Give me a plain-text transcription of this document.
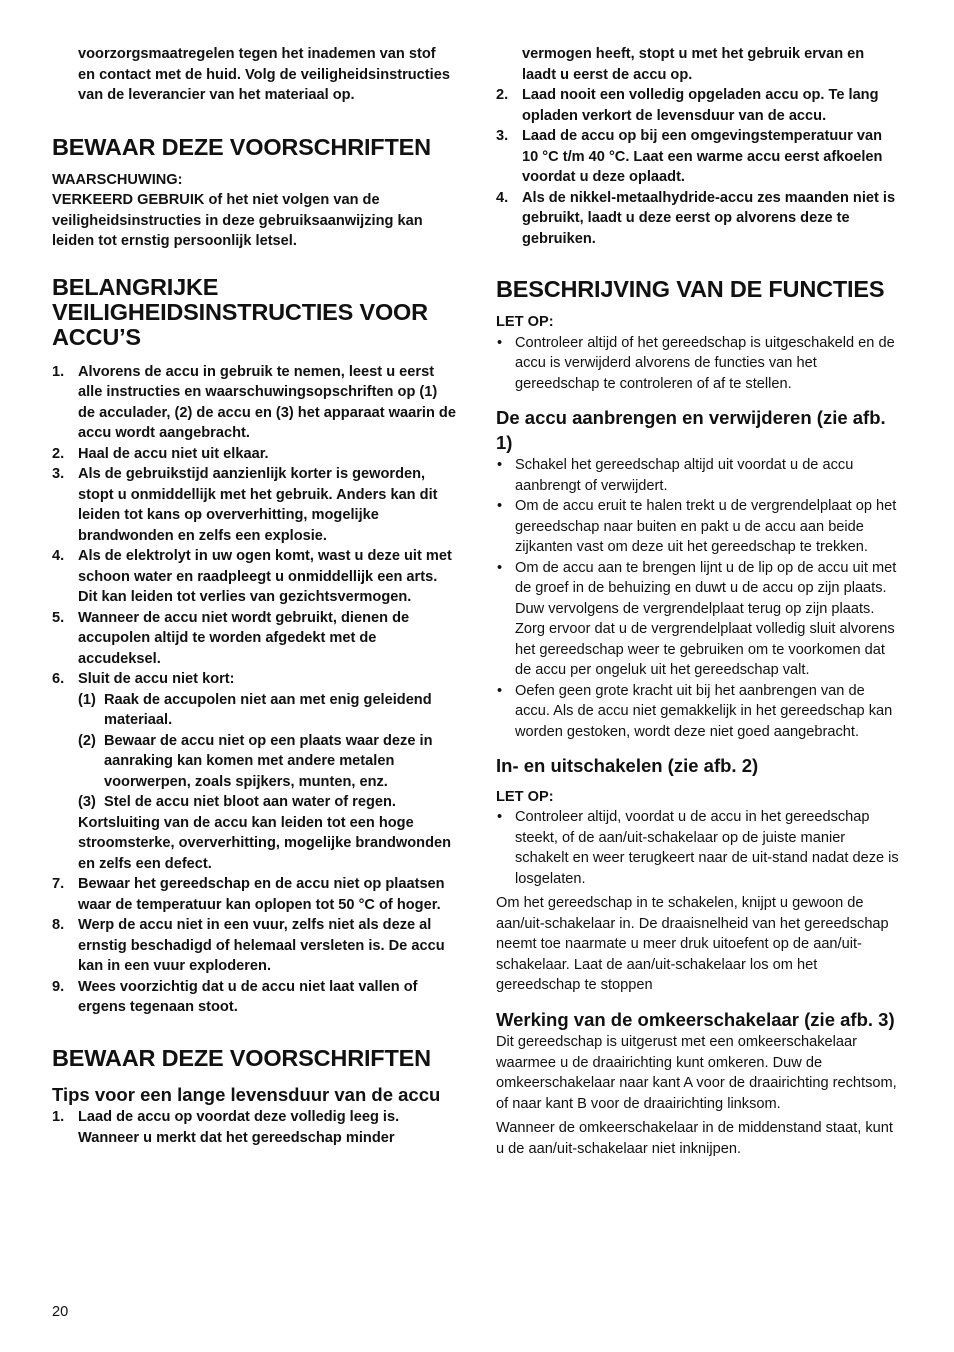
voorzorgsmaatregelen tegen het inademen van stof en contact met de huid. Volg de veiligheidsinstructies van de leverancier van het materiaal op.

BEWAAR DEZE VOORSCHRIFTEN

WAARSCHUWING:

VERKEERD GEBRUIK of het niet volgen van de veiligheidsinstructies in deze gebruiksaanwijzing kan leiden tot ernstig persoonlijk letsel.

BELANGRIJKE VEILIGHEIDSINSTRUCTIES VOOR ACCU’S
1. Alvorens de accu in gebruik te nemen, leest u eerst alle instructies en waarschuwingsopschriften op (1) de acculader, (2) de accu en (3) het apparaat waarin de accu wordt aangebracht.
2. Haal de accu niet uit elkaar.
3. Als de gebruikstijd aanzienlijk korter is geworden, stopt u onmiddellijk met het gebruik. Anders kan dit leiden tot kans op oververhitting, mogelijke brandwonden en zelfs een explosie.
4. Als de elektrolyt in uw ogen komt, wast u deze uit met schoon water en raadpleegt u onmiddellijk een arts. Dit kan leiden tot verlies van gezichtsvermogen.
5. Wanneer de accu niet wordt gebruikt, dienen de accupolen altijd te worden afgedekt met de accudeksel.
6. Sluit de accu niet kort:
(1) Raak de accupolen niet aan met enig geleidend materiaal.
(2) Bewaar de accu niet op een plaats waar deze in aanraking kan komen met andere metalen voorwerpen, zoals spijkers, munten, enz.
(3) Stel de accu niet bloot aan water of regen.
Kortsluiting van de accu kan leiden tot een hoge stroomsterke, oververhitting, mogelijke brandwonden en zelfs een defect.
7. Bewaar het gereedschap en de accu niet op plaatsen waar de temperatuur kan oplopen tot 50 °C of hoger.
8. Werp de accu niet in een vuur, zelfs niet als deze al ernstig beschadigd of helemaal versleten is. De accu kan in een vuur exploderen.
9. Wees voorzichtig dat u de accu niet laat vallen of ergens tegenaan stoot.
BEWAAR DEZE VOORSCHRIFTEN
Tips voor een lange levensduur van de accu
1. Laad de accu op voordat deze volledig leeg is. Wanneer u merkt dat het gereedschap minder

vermogen heeft, stopt u met het gebruik ervan en laadt u eerst de accu op.

2. Laad nooit een volledig opgeladen accu op. Te lang opladen verkort de levensduur van de accu.
3. Laad de accu op bij een omgevingstemperatuur van 10 °C t/m 40 °C. Laat een warme accu eerst afkoelen voordat u deze oplaadt.
4. Als de nikkel-metaalhydride-accu zes maanden niet is gebruikt, laadt u deze eerst op alvorens deze te gebruiken.
BESCHRIJVING VAN DE FUNCTIES

LET OP:

• Controleer altijd of het gereedschap is uitgeschakeld en de accu is verwijderd alvorens de functies van het gereedschap te controleren of af te stellen.
De accu aanbrengen en verwijderen (zie afb. 1)
• Schakel het gereedschap altijd uit voordat u de accu aanbrengt of verwijdert.
• Om de accu eruit te halen trekt u de vergrendelplaat op het gereedschap naar buiten en pakt u de accu aan beide zijkanten vast om deze uit het gereedschap te trekken.
• Om de accu aan te brengen lijnt u de lip op de accu uit met de groef in de behuizing en duwt u de accu op zijn plaats. Duw vervolgens de vergrendelplaat terug op zijn plaats. Zorg ervoor dat u de vergrendelplaat volledig sluit alvorens het gereedschap weer te gebruiken om te voorkomen dat de accu per ongeluk uit het gereedschap valt.
• Oefen geen grote kracht uit bij het aanbrengen van de accu. Als de accu niet gemakkelijk in het gereedschap kan worden gestoken, wordt deze niet goed aangebracht.
In- en uitschakelen (zie afb. 2)

LET OP:

• Controleer altijd, voordat u de accu in het gereedschap steekt, of de aan/uit-schakelaar op de juiste manier schakelt en weer terugkeert naar de uit-stand nadat deze is losgelaten.

Om het gereedschap in te schakelen, knijpt u gewoon de aan/uit-schakelaar in. De draaisnelheid van het gereedschap neemt toe naarmate u meer druk uitoefent op de aan/uit-schakelaar. Laat de aan/uit-schakelaar los om het gereedschap te stoppen

Werking van de omkeerschakelaar (zie afb. 3)

Dit gereedschap is uitgerust met een omkeerschakelaar waarmee u de draairichting kunt omkeren. Duw de omkeerschakelaar naar kant A voor de draairichting rechtsom, of naar kant B voor de draairichting linksom.

Wanneer de omkeerschakelaar in de middenstand staat, kunt u de aan/uit-schakelaar niet inknijpen.

20
